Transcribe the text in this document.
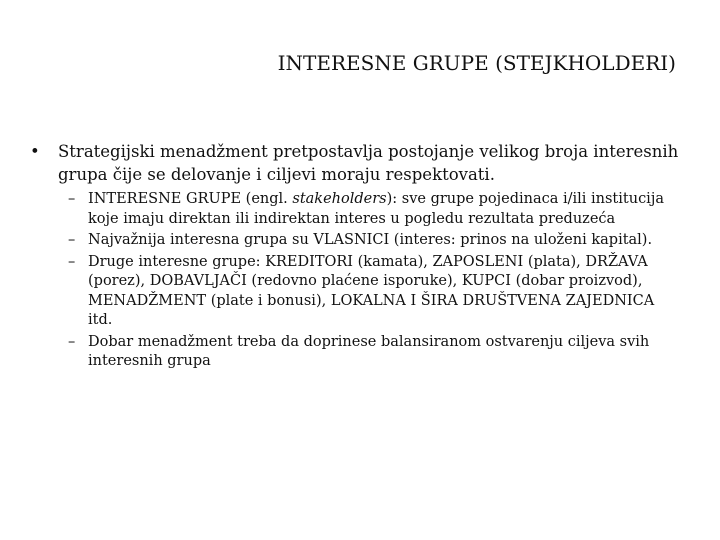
INTERESNE GRUPE (STEJKHOLDERI)
•	Strategijski menadžment pretpostavlja postojanje velikog broja interesnih grupa čije se delovanje i ciljevi moraju respektovati.
– INTERESNE GRUPE (engl. stakeholders): sve grupe pojedinaca i/ili institucija koje imaju direktan ili indirektan interes u pogledu rezultata preduzeća
– Najvažnija interesna grupa su VLASNICI (interes: prinos na uloženi kapital).
– Druge interesne grupe: KREDITORI (kamata), ZAPOSLENI (plata), DRŽAVA (porez), DOBAVLJAČI (redovno plaćene isporuke), KUPCI (dobar proizvod), MENADŽMENT (plate i bonusi), LOKALNA I ŠIRA DRUŠTVENA ZAJEDNICA itd.
– Dobar menadžment treba da doprinese balansiranom ostvarenju ciljeva svih interesnih grupa
